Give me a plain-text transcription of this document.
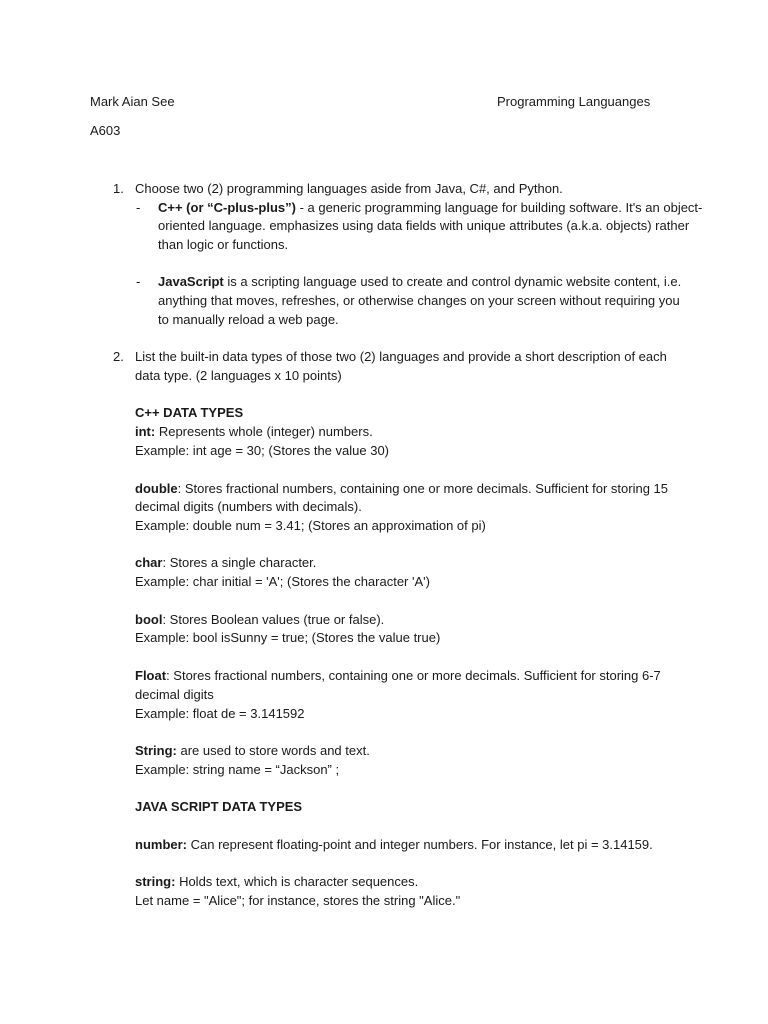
Mark Aian See	Programming Languanges
A603
1. Choose two (2) programming languages aside from Java, C#, and Python.
- C++ (or “C-plus-plus”) - a generic programming language for building software. It's an object-
oriented language. emphasizes using data fields with unique attributes (a.k.a. objects) rather
than logic or functions.
- JavaScript is a scripting language used to create and control dynamic website content, i.e.
anything that moves, refreshes, or otherwise changes on your screen without requiring you
to manually reload a web page.
2. List the built-in data types of those two (2) languages and provide a short description of each
data type. (2 languages x 10 points)
C++ DATA TYPES
int: Represents whole (integer) numbers.
Example: int age = 30; (Stores the value 30)
double: Stores fractional numbers, containing one or more decimals. Sufficient for storing 15
decimal digits (numbers with decimals).
Example: double num = 3.41; (Stores an approximation of pi)
char: Stores a single character.
Example: char initial = 'A'; (Stores the character 'A')
bool: Stores Boolean values (true or false).
Example: bool isSunny = true; (Stores the value true)
Float: Stores fractional numbers, containing one or more decimals. Sufficient for storing 6-7
decimal digits
Example: float de = 3.141592
String: are used to store words and text.
Example: string name = “Jackson” ;
JAVA SCRIPT DATA TYPES
number: Can represent floating-point and integer numbers. For instance, let pi = 3.14159.
string: Holds text, which is character sequences.
Let name = "Alice"; for instance, stores the string "Alice."
